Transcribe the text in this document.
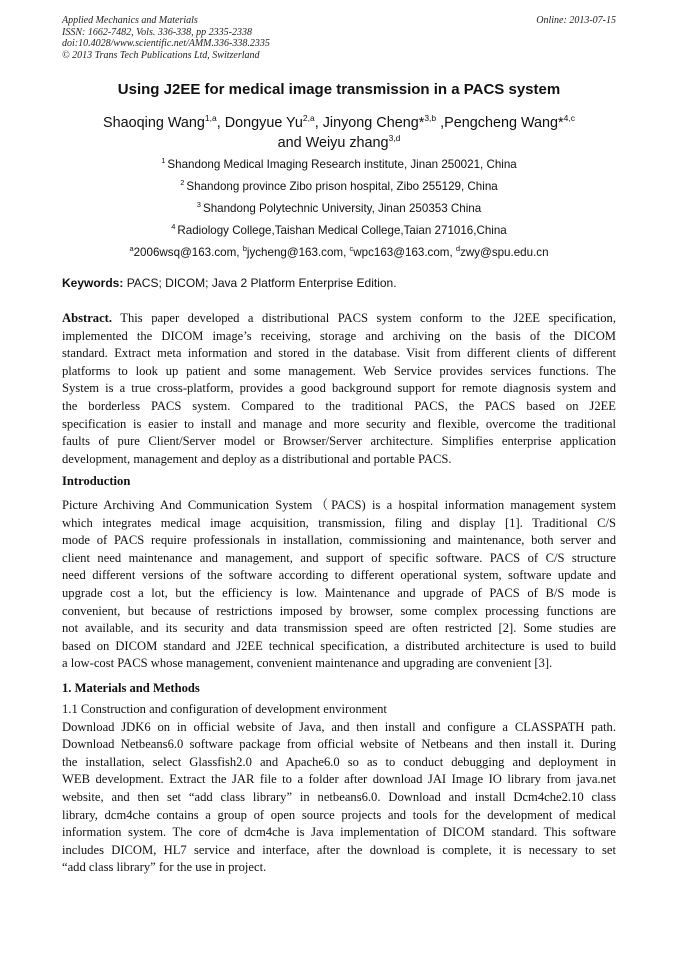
Applied Mechanics and Materials
ISSN: 1662-7482, Vols. 336-338, pp 2335-2338
doi:10.4028/www.scientific.net/AMM.336-338.2335
© 2013 Trans Tech Publications Ltd, Switzerland
Online: 2013-07-15
Using J2EE for medical image transmission in a PACS system
Shaoqing Wang$^{1,a}$, Dongyue Yu$^{2,a}$, Jinyong Cheng*$^{3,b}$ ,Pengcheng Wang*$^{4,c}$
and Weiyu zhang$^{3,d}$
$^1$ Shandong Medical Imaging Research institute, Jinan 250021, China
$^2$ Shandong province Zibo prison hospital, Zibo 255129, China
$^3$ Shandong Polytechnic University, Jinan 250353 China
$^4$ Radiology College,Taishan Medical College,Taian 271016,China
$^a$2006wsq@163.com, $^b$jycheng@163.com, $^c$wpc163@163.com, $^d$zwy@spu.edu.cn
Keywords: PACS; DICOM; Java 2 Platform Enterprise Edition.
Abstract. This paper developed a distributional PACS system conform to the J2EE specification,
implemented the DICOM image’s receiving, storage and archiving on the basis of the DICOM
standard. Extract meta information and stored in the database. Visit from different clients of different
platforms to look up patient and some management. Web Service provides services functions. The
System is a true cross-platform, provides a good background support for remote diagnosis system and
the borderless PACS system. Compared to the traditional PACS, the PACS based on J2EE
specification is easier to install and manage and more security and flexible, overcome the traditional
faults of pure Client/Server model or Browser/Server architecture. Simplifies enterprise application
development, management and deploy as a distributional and portable PACS.
Introduction
Picture Archiving And Communication System（PACS) is a hospital information management system
which integrates medical image acquisition, transmission, filing and display [1]. Traditional C/S
mode of PACS require professionals in installation, commissioning and maintenance, both server and
client need maintenance and management, and support of specific software. PACS of C/S structure
need different versions of the software according to different operational system, software update and
upgrade cost a lot, but the efficiency is low. Maintenance and upgrade of PACS of B/S mode is
convenient, but because of restrictions imposed by browser, some complex processing functions are
not available, and its security and data transmission speed are often restricted [2]. Some studies are
based on DICOM standard and J2EE technical specification, a distributed architecture is used to build
a low-cost PACS whose management, convenient maintenance and upgrading are convenient [3].
1. Materials and Methods
1.1 Construction and configuration of development environment
Download JDK6 on in official website of Java, and then install and configure a CLASSPATH path.
Download Netbeans6.0 software package from official website of Netbeans and then install it. During
the installation, select Glassfish2.0 and Apache6.0 so as to conduct debugging and deployment in
WEB development. Extract the JAR file to a folder after download JAI Image IO library from java.net
website, and then set “add class library” in netbeans6.0. Download and install Dcm4che2.10 class
library, dcm4che contains a group of open source projects and tools for the development of medical
information system. The core of dcm4che is Java implementation of DICOM standard. This software
includes DICOM, HL7 service and interface, after the download is complete, it is necessary to set
“add class library” for the use in project.
